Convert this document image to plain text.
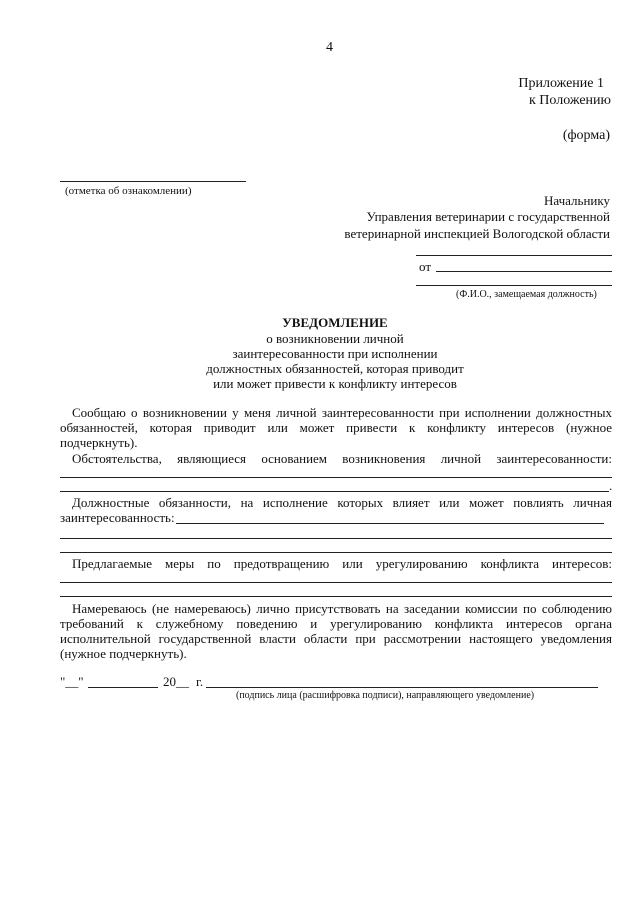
4
Приложение 1
к Положению
(форма)
(отметка об ознакомлении)
Начальнику
Управления ветеринарии с государственной
ветеринарной инспекцией Вологодской области
от
(Ф.И.О., замещаемая должность)
УВЕДОМЛЕНИЕ
о возникновении личной
заинтересованности при исполнении
должностных обязанностей, которая приводит
или может привести к конфликту интересов
Сообщаю о возникновении у меня личной заинтересованности при исполнении должностных
обязанностей, которая приводит или может привести к конфликту интересов (нужное
подчеркнуть).
Обстоятельства, являющиеся основанием возникновения личной заинтересованности:
.
Должностные обязанности, на исполнение которых влияет или может повлиять личная
заинтересованность:
Предлагаемые меры по предотвращению или урегулированию конфликта интересов:
Намереваюсь (не намереваюсь) лично присутствовать на заседании комиссии по соблюдению
требований к служебному поведению и урегулированию конфликта интересов органа
исполнительной государственной власти области при рассмотрении настоящего уведомления
(нужное подчеркнуть).
"__"	20__ г.
(подпись лица (расшифровка подписи), направляющего уведомление)
